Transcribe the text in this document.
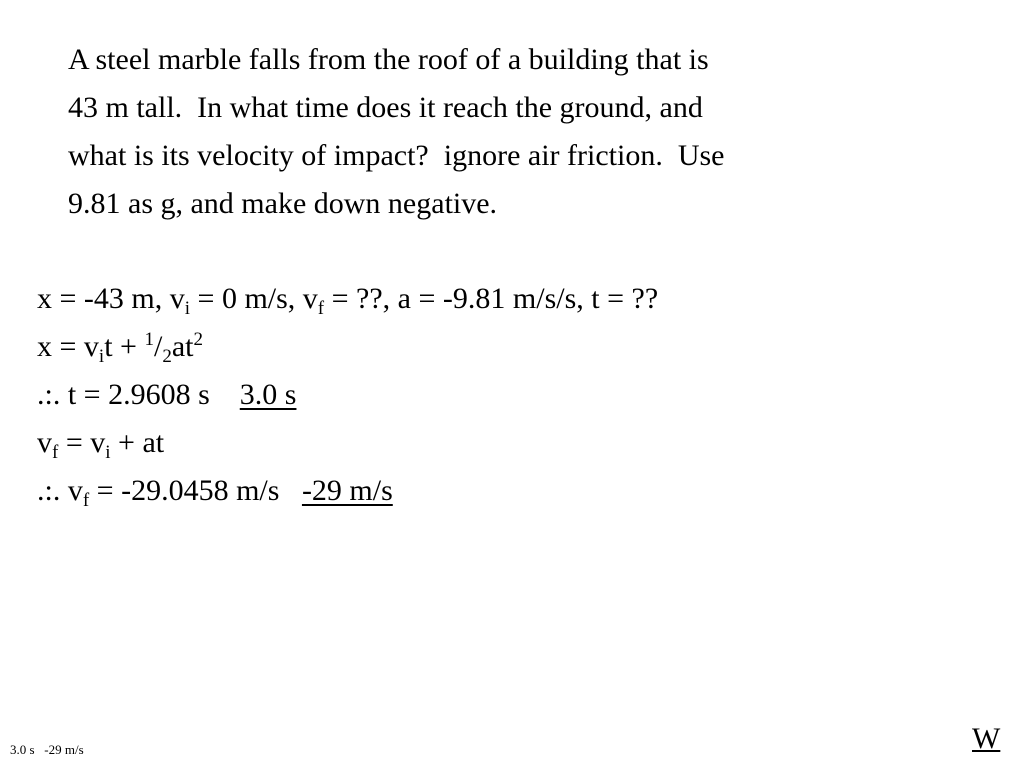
A steel marble falls from the roof of a building that is
43 m tall.  In what time does it reach the ground, and
what is its velocity of impact?  ignore air friction.  Use
9.81 as g, and make down negative.
x = -43 m, $v_i = 0$ m/s, $v_f$ = ??, a = -9.81 m/s/s, t = ??
$x = v_it + ^1/_2at^2$
.:. t = 2.9608 s    3.0 s
$v_f = v_i$ + at
.:. $v_f = -29.0458$ m/s   -29 m/s
3.0 s   -29 m/s	W
